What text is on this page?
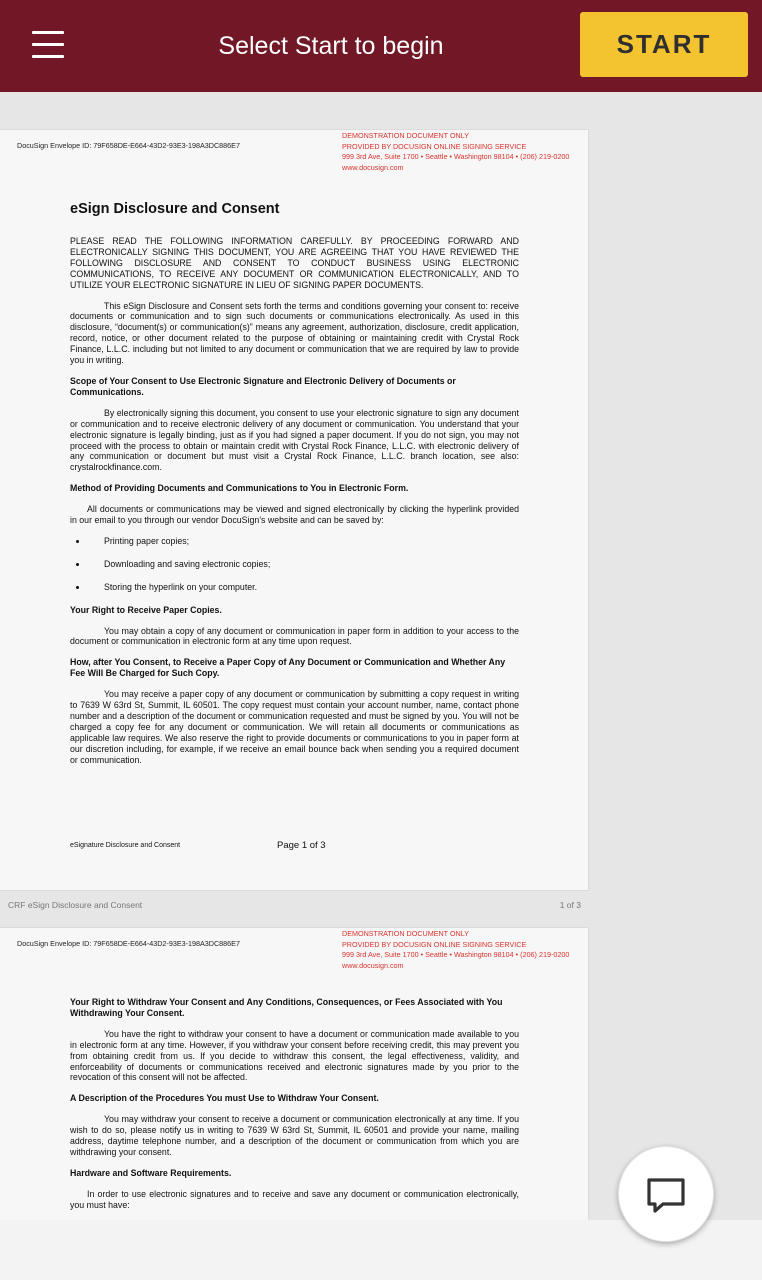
Select Start to begin	START
DocuSign Envelope ID: 79F658DE-E664-43D2-93E3-198A3DC886E7
DEMONSTRATION DOCUMENT ONLY
PROVIDED BY DOCUSIGN ONLINE SIGNING SERVICE
999 3rd Ave, Suite 1700 • Seattle • Washington 98104 • (206) 219-0200
www.docusign.com
eSign Disclosure and Consent

PLEASE READ THE FOLLOWING INFORMATION CAREFULLY. BY PROCEEDING FORWARD AND ELECTRONICALLY SIGNING THIS DOCUMENT, YOU ARE AGREEING THAT YOU HAVE REVIEWED THE FOLLOWING DISCLOSURE AND CONSENT TO CONDUCT BUSINESS USING ELECTRONIC COMMUNICATIONS, TO RECEIVE ANY DOCUMENT OR COMMUNICATION ELECTRONICALLY, AND TO UTILIZE YOUR ELECTRONIC SIGNATURE IN LIEU OF SIGNING PAPER DOCUMENTS.

This eSign Disclosure and Consent sets forth the terms and conditions governing your consent to: receive documents or communication and to sign such documents or communications electronically. As used in this disclosure, “document(s) or communication(s)” means any agreement, authorization, disclosure, credit application, record, notice, or other document related to the purpose of obtaining or maintaining credit with Crystal Rock Finance, L.L.C. including but not limited to any document or communication that we are required by law to provide you in writing.

Scope of Your Consent to Use Electronic Signature and Electronic Delivery of Documents or Communications.

By electronically signing this document, you consent to use your electronic signature to sign any document or communication and to receive electronic delivery of any document or communication. You understand that your electronic signature is legally binding, just as if you had signed a paper document. If you do not sign, you may not proceed with the process to obtain or maintain credit with Crystal Rock Finance, L.L.C. with electronic delivery of any communication or document but must visit a Crystal Rock Finance, L.L.C. branch location, see also: crystalrockfinance.com.

Method of Providing Documents and Communications to You in Electronic Form.

All documents or communications may be viewed and signed electronically by clicking the hyperlink provided in our email to you through our vendor DocuSign’s website and can be saved by:

• Printing paper copies;
• Downloading and saving electronic copies;
• Storing the hyperlink on your computer.
Your Right to Receive Paper Copies.

You may obtain a copy of any document or communication in paper form in addition to your access to the document or communication in electronic form at any time upon request.

How, after You Consent, to Receive a Paper Copy of Any Document or Communication and Whether Any Fee Will Be Charged for Such Copy.

You may receive a paper copy of any document or communication by submitting a copy request in writing to 7639 W 63rd St, Summit, IL 60501. The copy request must contain your account number, name, contact phone number and a description of the document or communication requested and must be signed by you. You will not be charged a copy fee for any document or communication. We will retain all documents or communications as applicable law requires. We also reserve the right to provide documents or communications to you in paper form at our discretion including, for example, if we receive an email bounce back when sending you a required document or communication.

eSignature Disclosure and Consent	Page 1 of 3
CRF eSign Disclosure and Consent	1 of 3
DocuSign Envelope ID: 79F658DE-E664-43D2-93E3-198A3DC886E7
DEMONSTRATION DOCUMENT ONLY
PROVIDED BY DOCUSIGN ONLINE SIGNING SERVICE
999 3rd Ave, Suite 1700 • Seattle • Washington 98104 • (206) 219-0200
www.docusign.com
Your Right to Withdraw Your Consent and Any Conditions, Consequences, or Fees Associated with You Withdrawing Your Consent.

You have the right to withdraw your consent to have a document or communication made available to you in electronic form at any time. However, if you withdraw your consent before receiving credit, this may prevent you from obtaining credit from us. If you decide to withdraw this consent, the legal effectiveness, validity, and enforceability of documents or communications received and electronic signatures made by you prior to the revocation of this consent will not be affected.

A Description of the Procedures You must Use to Withdraw Your Consent.

You may withdraw your consent to receive a document or communication electronically at any time. If you wish to do so, please notify us in writing to 7639 W 63rd St, Summit, IL 60501 and provide your name, mailing address, daytime telephone number, and a description of the document or communication from which you are withdrawing your consent.

Hardware and Software Requirements.

In order to use electronic signatures and to receive and save any document or communication electronically, you must have:
